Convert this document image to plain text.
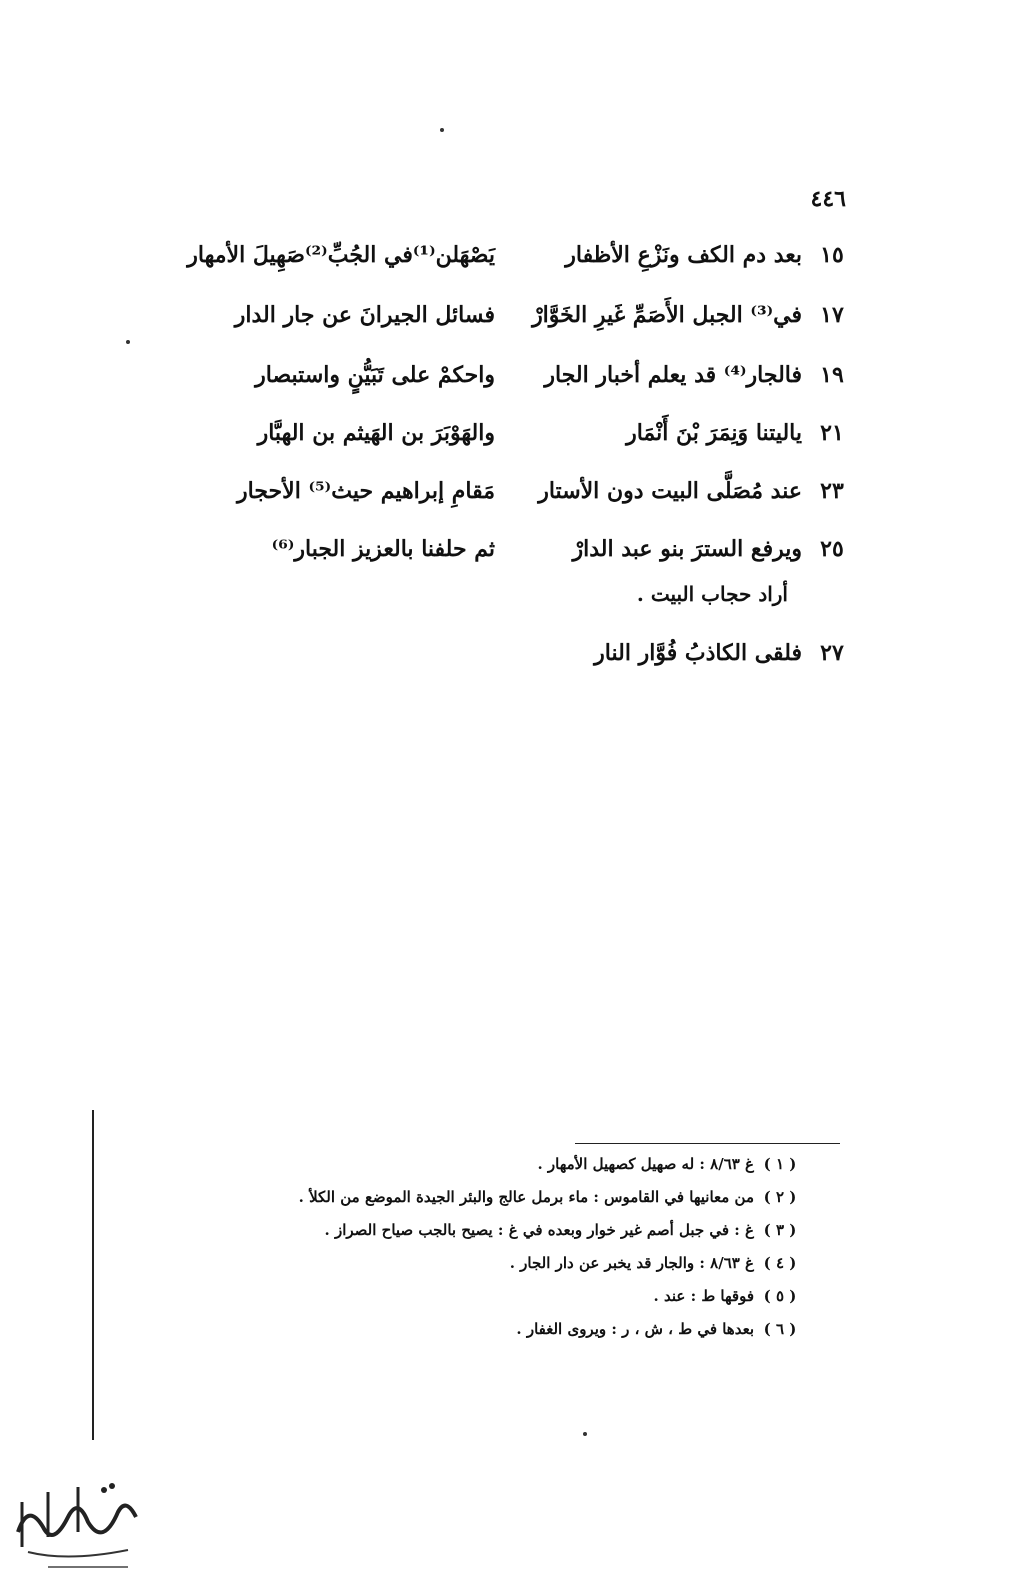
٤٤٦
١٥
بعد دم الكف ونَزْعِ الأظفار
يَصْهَلن⁽¹⁾في الجُبِّ⁽²⁾صَهِيلَ الأمهار
١٧
في⁽³⁾ الجبل الأَصَمِّ غَيرِ الخَوَّارْ
فسائل الجيرانَ عن جار الدار
١٩
فالجار⁽⁴⁾ قد يعلم أخبار الجار
واحكمْ على تَبَيُّنٍ واستبصار
٢١
ياليتنا وَنِمَرَ بْنَ أَنْمَار
والهَوْبَرَ بن الهَيثم بن الهبَّار
٢٣
عند مُصَلَّى البيت دون الأستار
مَقامِ إبراهيم حيث⁽⁵⁾ الأحجار
٢٥
ويرفع السترَ بنو عبد الدارْ
ثم حلفنا بالعزيز الجبار⁽⁶⁾
أراد حجاب البيت .
٢٧
فلقى الكاذبُ فُوَّار النار
( ١ )
غ ٨/٦٣ : له صهيل كصهيل الأمهار .
( ٢ )
من معانيها في القاموس : ماء برمل عالج والبئر الجيدة الموضع من الكلأ .
( ٣ )
غ : في جبل أصم غير خوار وبعده في غ : يصيح بالجب صياح الصراز .
( ٤ )
غ ٨/٦٣ : والجار قد يخبر عن دار الجار .
( ٥ )
فوقها ط : عند .
( ٦ )
بعدها في ط ، ش ، ر : ويروى الغفار .
